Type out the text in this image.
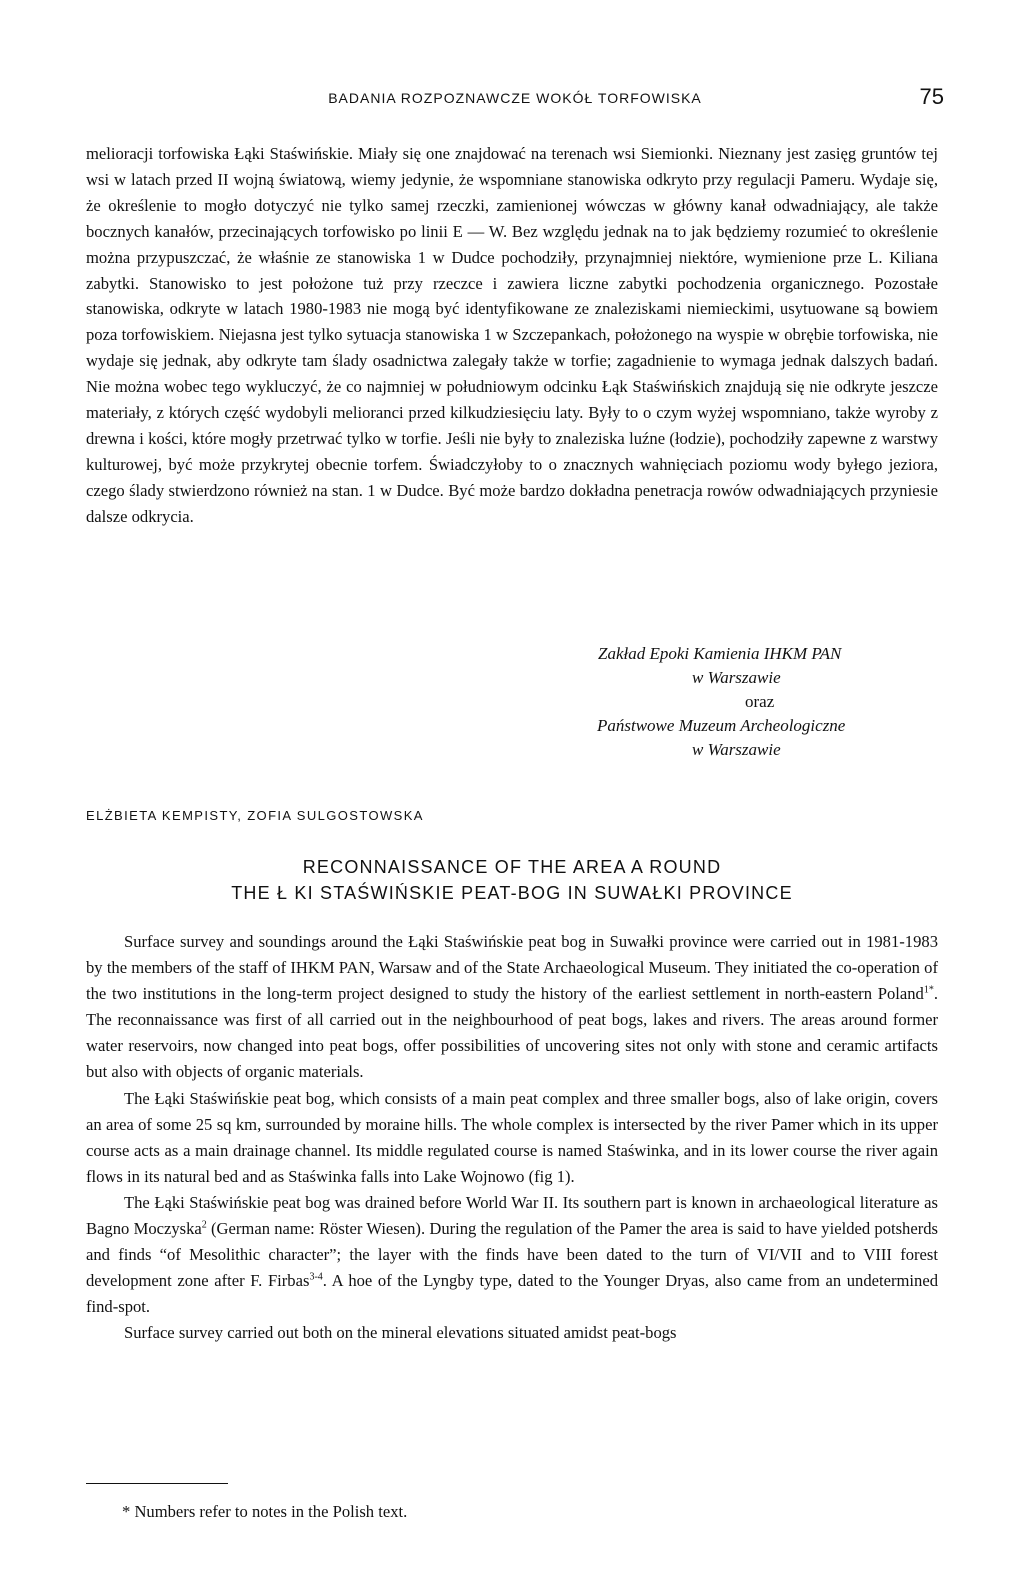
BADANIA ROZPOZNAWCZE WOKÓŁ TORFOWISKA	75

melioracji torfowiska Łąki Staświńskie. Miały się one znajdować na terenach wsi Siemionki. Nieznany jest zasięg gruntów tej wsi w latach przed II wojną światową, wiemy jedynie, że wspomniane stanowiska odkryto przy regulacji Pameru. Wydaje się, że określenie to mogło dotyczyć nie tylko samej rzeczki, zamienionej wówczas w główny kanał odwadniający, ale także bocznych kanałów, przecinających torfowisko po linii E — W. Bez względu jednak na to jak będziemy rozumieć to określenie można przypuszczać, że właśnie ze stanowiska 1 w Dudce pochodziły, przynajmniej niektóre, wymienione prze L. Kiliana zabytki. Stanowisko to jest położone tuż przy rzeczce i zawiera liczne zabytki pochodzenia organicznego. Pozostałe stanowiska, odkryte w latach 1980-1983 nie mogą być identyfikowane ze znaleziskami niemieckimi, usytuowane są bowiem poza torfowiskiem. Niejasna jest tylko sytuacja stanowiska 1 w Szczepankach, położonego na wyspie w obrębie torfowiska, nie wydaje się jednak, aby odkryte tam ślady osadnictwa zalegały także w torfie; zagadnienie to wymaga jednak dalszych badań. Nie można wobec tego wykluczyć, że co najmniej w południowym odcinku Łąk Staświńskich znajdują się nie odkryte jeszcze materiały, z których część wydobyli melioranci przed kilkudziesięciu laty. Były to o czym wyżej wspomniano, także wyroby z drewna i kości, które mogły przetrwać tylko w torfie. Jeśli nie były to znaleziska luźne (łodzie), pochodziły zapewne z warstwy kulturowej, być może przykrytej obecnie torfem. Świadczyłoby to o znacznych wahnięciach poziomu wody byłego jeziora, czego ślady stwierdzono również na stan. 1 w Dudce. Być może bardzo dokładna penetracja rowów odwadniających przyniesie dalsze odkrycia.

Zakład Epoki Kamienia IHKM PAN
w Warszawie
oraz
Państwowe Muzeum Archeologiczne
w Warszawie
ELŻBIETA KEMPISTY, ZOFIA SULGOSTOWSKA
RECONNAISSANCE OF THE AREA A ROUND
THE Ł KI STAŚWIŃSKIE PEAT-BOG IN SUWAŁKI PROVINCE

Surface survey and soundings around the Łąki Staświńskie peat bog in Suwałki province were carried out in 1981-1983 by the members of the staff of IHKM PAN, Warsaw and of the State Archaeological Museum. They initiated the co-operation of the two institutions in the long-term project designed to study the history of the earliest settlement in north-eastern Poland$^{1*}$. The reconnaissance was first of all carried out in the neighbourhood of peat bogs, lakes and rivers. The areas around former water reservoirs, now changed into peat bogs, offer possibilities of uncovering sites not only with stone and ceramic artifacts but also with objects of organic materials.

The Łąki Staświńskie peat bog, which consists of a main peat complex and three smaller bogs, also of lake origin, covers an area of some 25 sq km, surrounded by moraine hills. The whole complex is intersected by the river Pamer which in its upper course acts as a main drainage channel. Its middle regulated course is named Staświnka, and in its lower course the river again flows in its natural bed and as Staświnka falls into Lake Wojnowo (fig 1).

The Łąki Staświńskie peat bog was drained before World War II. Its southern part is known in archaeological literature as Bagno Moczyska$^2$ (German name: Röster Wiesen). During the regulation of the Pamer the area is said to have yielded potsherds and finds “of Mesolithic character”; the layer with the finds have been dated to the turn of VI/VII and to VIII forest development zone after F. Firbas$^{3-4}$. A hoe of the Lyngby type, dated to the Younger Dryas, also came from an undetermined find-spot.

Surface survey carried out both on the mineral elevations situated amidst peat-bogs

* Numbers refer to notes in the Polish text.
